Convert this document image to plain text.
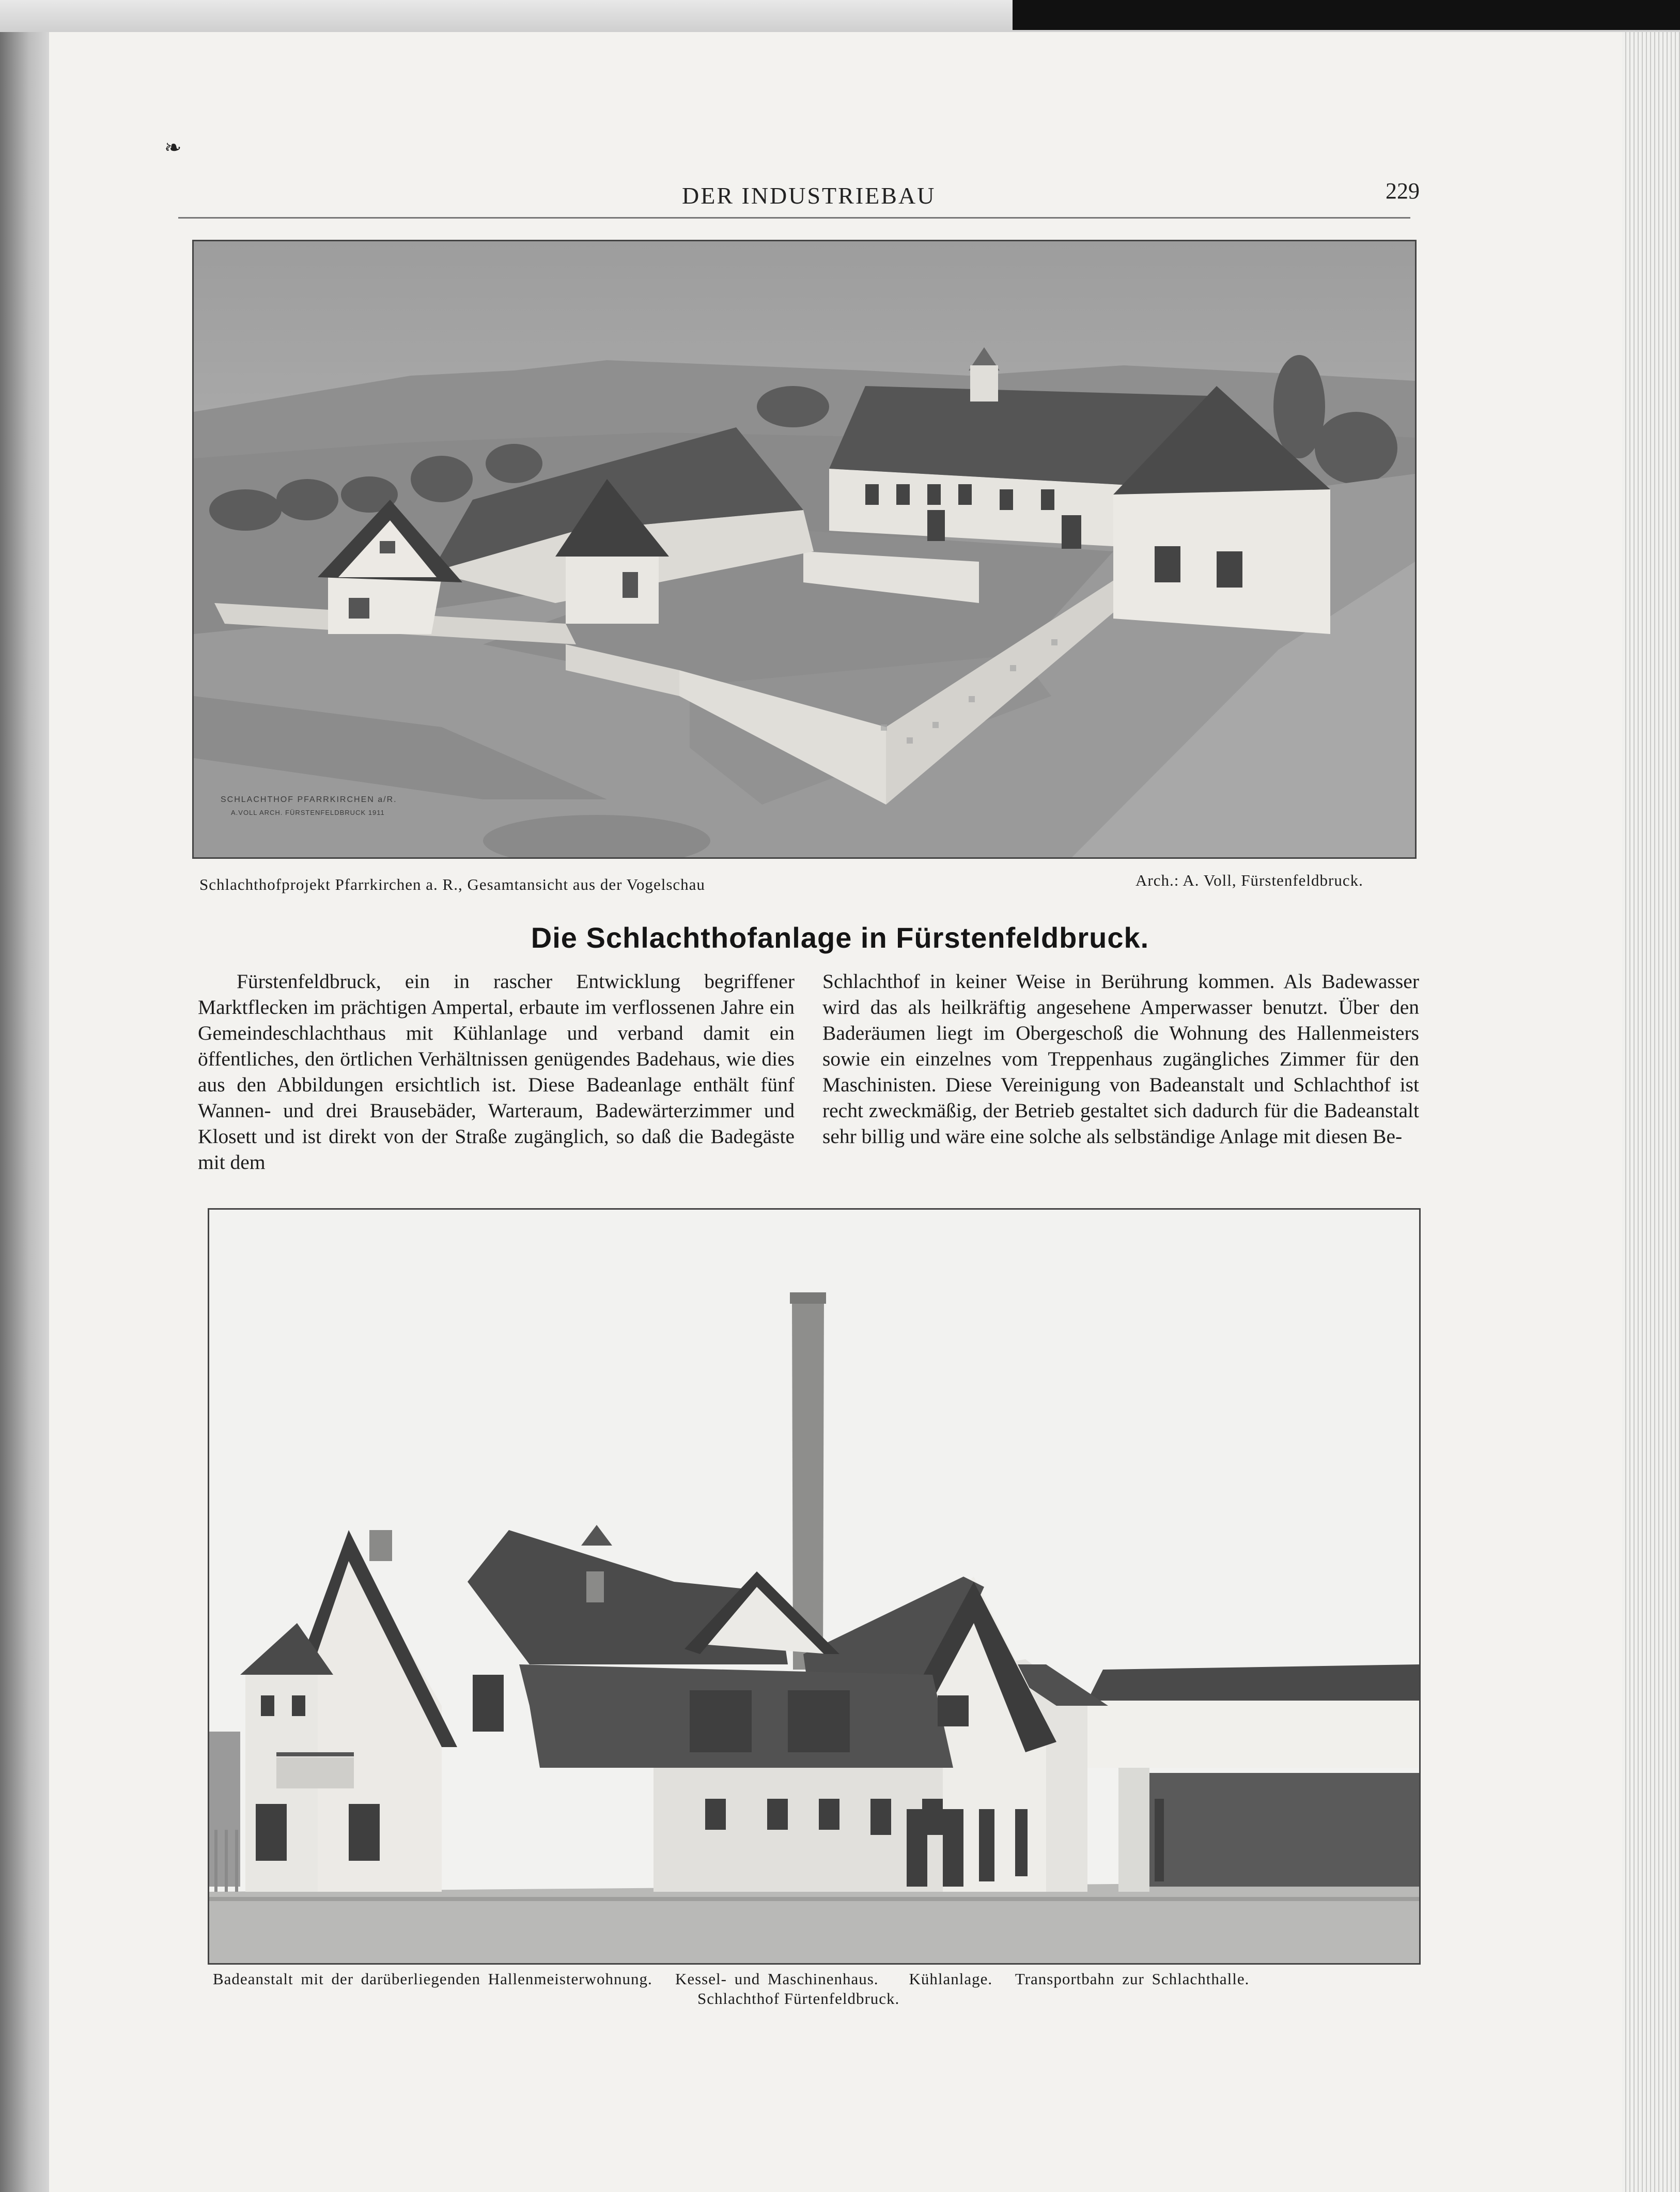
❧
DER INDUSTRIEBAU	229
SCHLACHTHOF PFARRKIRCHEN a/R.
A.VOLL ARCH. FÜRSTENFELDBRUCK 1911
Schlachthofprojekt Pfarrkirchen a. R., Gesamtansicht aus der Vogelschau	Arch.: A. Voll, Fürstenfeldbruck.
Die Schlachthofanlage in Fürstenfeldbruck.
Fürstenfeldbruck, ein in rascher Entwicklung begriffener Marktflecken im prächtigen Ampertal, erbaute im verflossenen Jahre ein Gemeindeschlachthaus mit Kühlanlage und verband damit ein öffentliches, den örtlichen Verhältnissen genügendes Badehaus, wie dies aus den Abbildungen ersichtlich ist. Diese Badeanlage enthält fünf Wannen- und drei Brausebäder, Warteraum, Badewärterzimmer und Klosett und ist direkt von der Straße zugänglich, so daß die Badegäste mit dem
Schlachthof in keiner Weise in Berührung kommen. Als Badewasser wird das als heilkräftig angesehene Amperwasser benutzt. Über den Baderäumen liegt im Obergeschoß die Wohnung des Hallenmeisters sowie ein einzelnes vom Treppenhaus zugängliches Zimmer für den Maschinisten. Diese Vereinigung von Badeanstalt und Schlachthof ist recht zweckmäßig, der Betrieb gestaltet sich dadurch für die Badeanstalt sehr billig und wäre eine solche als selbständige Anlage mit diesen Be-
Badeanstalt mit der darüberliegenden Hallenmeisterwohnung.   Kessel- und Maschinenhaus.    Kühlanlage.   Transportbahn zur Schlachthalle.
Schlachthof Fürtenfeldbruck.
